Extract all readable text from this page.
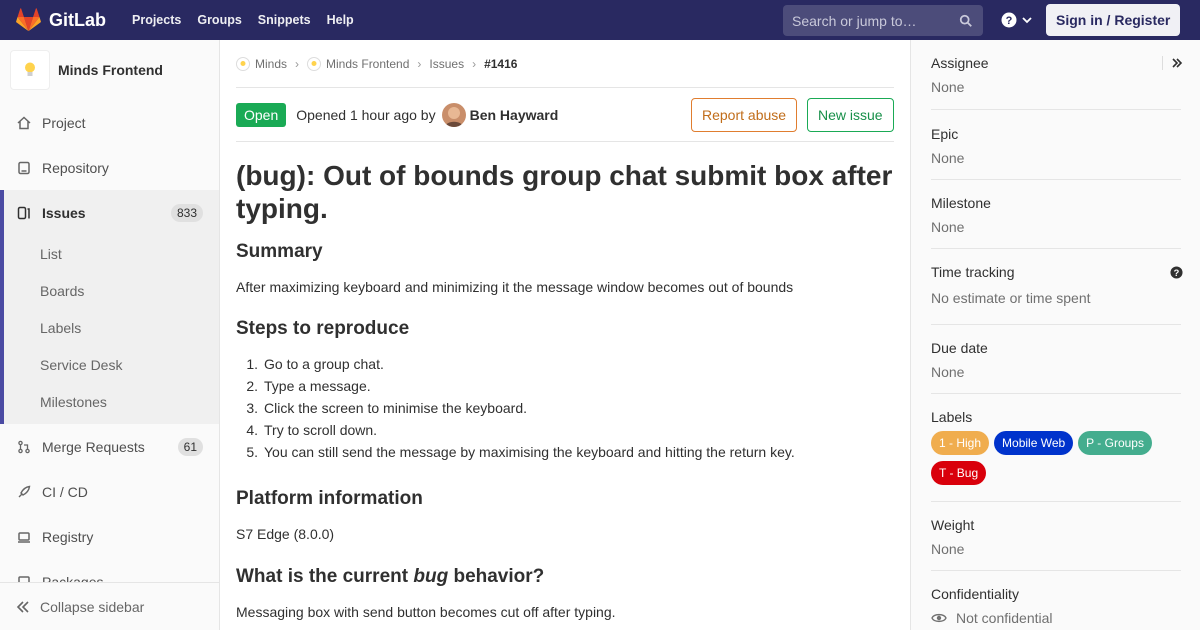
GitLab Projects Groups Snippets Help
Search or jump to…	?	Sign in / Register
Minds Frontend
Project
Repository
Issues	833
List
Boards
Labels
Service Desk
Milestones
Merge Requests	61
CI / CD
Registry
Collapse sidebar
Minds › Minds Frontend › Issues › #1416
Open	Opened 1 hour ago by Ben Hayward	Report abuse	New issue
(bug): Out of bounds group chat submit box after typing.
Summary
After maximizing keyboard and minimizing it the message window becomes out of bounds
Steps to reproduce
1. Go to a group chat.
2. Type a message.
3. Click the screen to minimise the keyboard.
4. Try to scroll down.
5. You can still send the message by maximising the keyboard and hitting the return key.
Platform information
S7 Edge (8.0.0)
What is the current bug behavior?
Messaging box with send button becomes cut off after typing.
Assignee
None
Epic
None
Milestone
None
Time tracking	?
No estimate or time spent
Due date
None
Labels
1 - High	Mobile Web	P - Groups
T - Bug
Weight
None
Confidentiality
Not confidential
